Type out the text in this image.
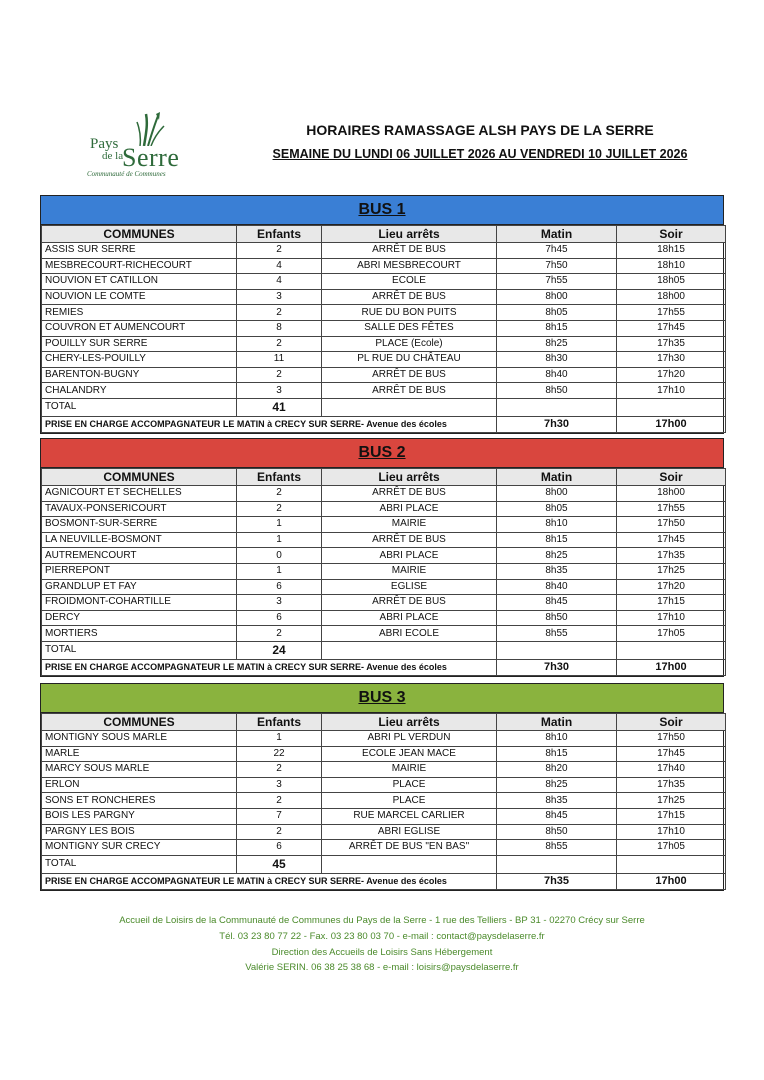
Pays
de la
Serre
Communauté de Communes
HORAIRES RAMASSAGE ALSH PAYS DE LA SERRE
SEMAINE DU LUNDI 06 JUILLET 2026 AU VENDREDI 10 JUILLET 2026
BUS 1
COMMUNES	Enfants	Lieu arrêts	Matin	Soir
ASSIS SUR SERRE	2	ARRÊT DE BUS	7h45	18h15
MESBRECOURT-RICHECOURT	4	ABRI MESBRECOURT	7h50	18h10
NOUVION ET CATILLON	4	ECOLE	7h55	18h05
NOUVION LE COMTE	3	ARRÊT DE BUS	8h00	18h00
REMIES	2	RUE DU BON PUITS	8h05	17h55
COUVRON ET AUMENCOURT	8	SALLE DES FÊTES	8h15	17h45
POUILLY SUR SERRE	2	PLACE (Ecole)	8h25	17h35
CHERY-LES-POUILLY	11	PL RUE DU CHÂTEAU	8h30	17h30
BARENTON-BUGNY	2	ARRÊT DE BUS	8h40	17h20
CHALANDRY	3	ARRÊT DE BUS	8h50	17h10
TOTAL	41			
PRISE EN CHARGE ACCOMPAGNATEUR LE MATIN à CRECY SUR SERRE- Avenue des écoles			7h30	17h00
BUS 2
COMMUNES	Enfants	Lieu arrêts	Matin	Soir
AGNICOURT ET SECHELLES	2	ARRÊT DE BUS	8h00	18h00
TAVAUX-PONSERICOURT	2	ABRI PLACE	8h05	17h55
BOSMONT-SUR-SERRE	1	MAIRIE	8h10	17h50
LA NEUVILLE-BOSMONT	1	ARRÊT DE BUS	8h15	17h45
AUTREMENCOURT	0	ABRI PLACE	8h25	17h35
PIERREPONT	1	MAIRIE	8h35	17h25
GRANDLUP ET FAY	6	EGLISE	8h40	17h20
FROIDMONT-COHARTILLE	3	ARRÊT DE BUS	8h45	17h15
DERCY	6	ABRI PLACE	8h50	17h10
MORTIERS	2	ABRI ECOLE	8h55	17h05
TOTAL	24			
PRISE EN CHARGE ACCOMPAGNATEUR LE MATIN à CRECY SUR SERRE- Avenue des écoles			7h30	17h00
BUS 3
COMMUNES	Enfants	Lieu arrêts	Matin	Soir
MONTIGNY SOUS MARLE	1	ABRI PL VERDUN	8h10	17h50
MARLE	22	ECOLE JEAN MACE	8h15	17h45
MARCY SOUS MARLE	2	MAIRIE	8h20	17h40
ERLON	3	PLACE	8h25	17h35
SONS ET RONCHERES	2	PLACE	8h35	17h25
BOIS LES PARGNY	7	RUE MARCEL CARLIER	8h45	17h15
PARGNY LES BOIS	2	ABRI EGLISE	8h50	17h10
MONTIGNY SUR CRECY	6	ARRÊT DE BUS "EN BAS"	8h55	17h05
TOTAL	45			
PRISE EN CHARGE ACCOMPAGNATEUR LE MATIN à CRECY SUR SERRE- Avenue des écoles			7h35	17h00
Accueil de Loisirs de la Communauté de Communes du Pays de la Serre - 1 rue des Telliers - BP 31 - 02270 Crécy sur Serre
Tél. 03 23 80 77 22 - Fax. 03 23 80 03 70 - e-mail : contact@paysdelaserre.fr
Direction des Accueils de Loisirs Sans Hébergement
Valérie SERIN. 06 38 25 38 68 - e-mail : loisirs@paysdelaserre.fr
